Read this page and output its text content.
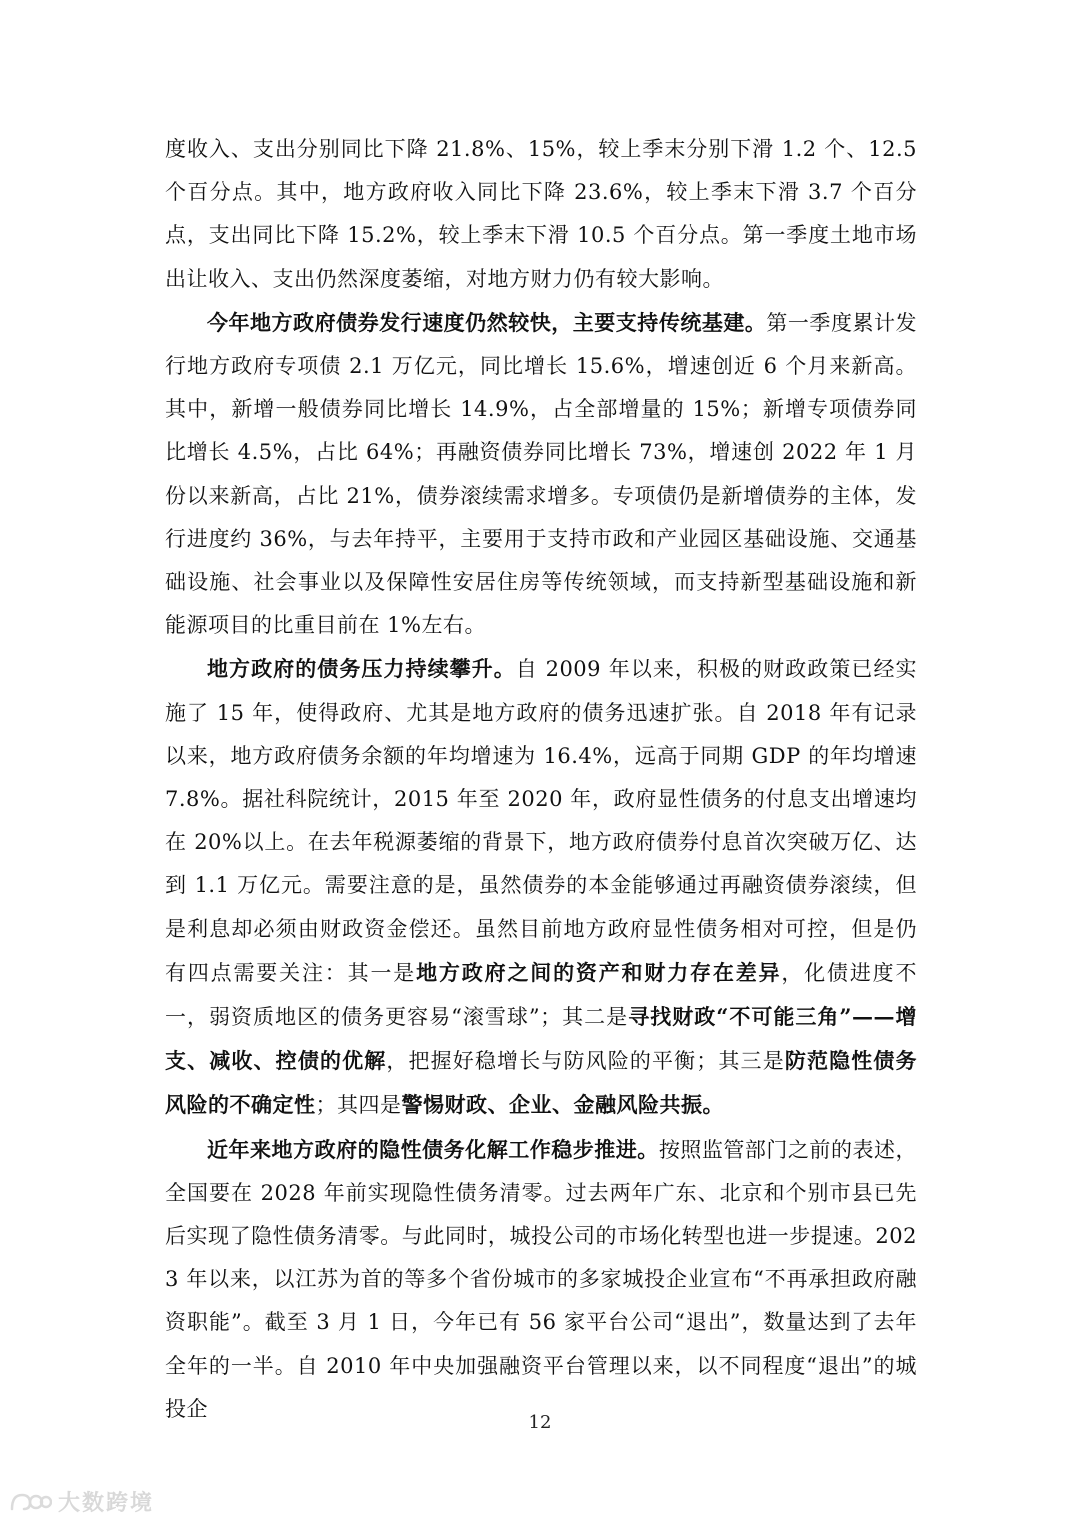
度收入、支出分别同比下降 21.8%、15%，较上季末分别下滑 1.2 个、12.5 个百分点。其中，地方政府收入同比下降 23.6%，较上季末下滑 3.7 个百分点，支出同比下降 15.2%，较上季末下滑 10.5 个百分点。第一季度土地市场出让收入、支出仍然深度萎缩，对地方财力仍有较大影响。

今年地方政府债券发行速度仍然较快，主要支持传统基建。第一季度累计发行地方政府专项债 2.1 万亿元，同比增长 15.6%，增速创近 6 个月来新高。其中，新增一般债券同比增长 14.9%，占全部增量的 15%；新增专项债券同比增长 4.5%，占比 64%；再融资债券同比增长 73%，增速创 2022 年 1 月份以来新高，占比 21%，债券滚续需求增多。专项债仍是新增债券的主体，发行进度约 36%，与去年持平，主要用于支持市政和产业园区基础设施、交通基础设施、社会事业以及保障性安居住房等传统领域，而支持新型基础设施和新能源项目的比重目前在 1%左右。

地方政府的债务压力持续攀升。自 2009 年以来，积极的财政政策已经实施了 15 年，使得政府、尤其是地方政府的债务迅速扩张。自 2018 年有记录以来，地方政府债务余额的年均增速为 16.4%，远高于同期 GDP 的年均增速 7.8%。据社科院统计，2015 年至 2020 年，政府显性债务的付息支出增速均在 20%以上。在去年税源萎缩的背景下，地方政府债券付息首次突破万亿、达到 1.1 万亿元。需要注意的是，虽然债券的本金能够通过再融资债券滚续，但是利息却必须由财政资金偿还。虽然目前地方政府显性债务相对可控，但是仍有四点需要关注：其一是地方政府之间的资产和财力存在差异，化债进度不一，弱资质地区的债务更容易“滚雪球”；其二是寻找财政“不可能三角”——增支、减收、控债的优解，把握好稳增长与防风险的平衡；其三是防范隐性债务风险的不确定性；其四是警惕财政、企业、金融风险共振。

近年来地方政府的隐性债务化解工作稳步推进。按照监管部门之前的表述，全国要在 2028 年前实现隐性债务清零。过去两年广东、北京和个别市县已先后实现了隐性债务清零。与此同时，城投公司的市场化转型也进一步提速。2023 年以来，以江苏为首的等多个省份城市的多家城投企业宣布“不再承担政府融资职能”。截至 3 月 1 日，今年已有 56 家平台公司“退出”，数量达到了去年全年的一半。自 2010 年中央加强融资平台管理以来，以不同程度“退出”的城投企

12
大数跨境
